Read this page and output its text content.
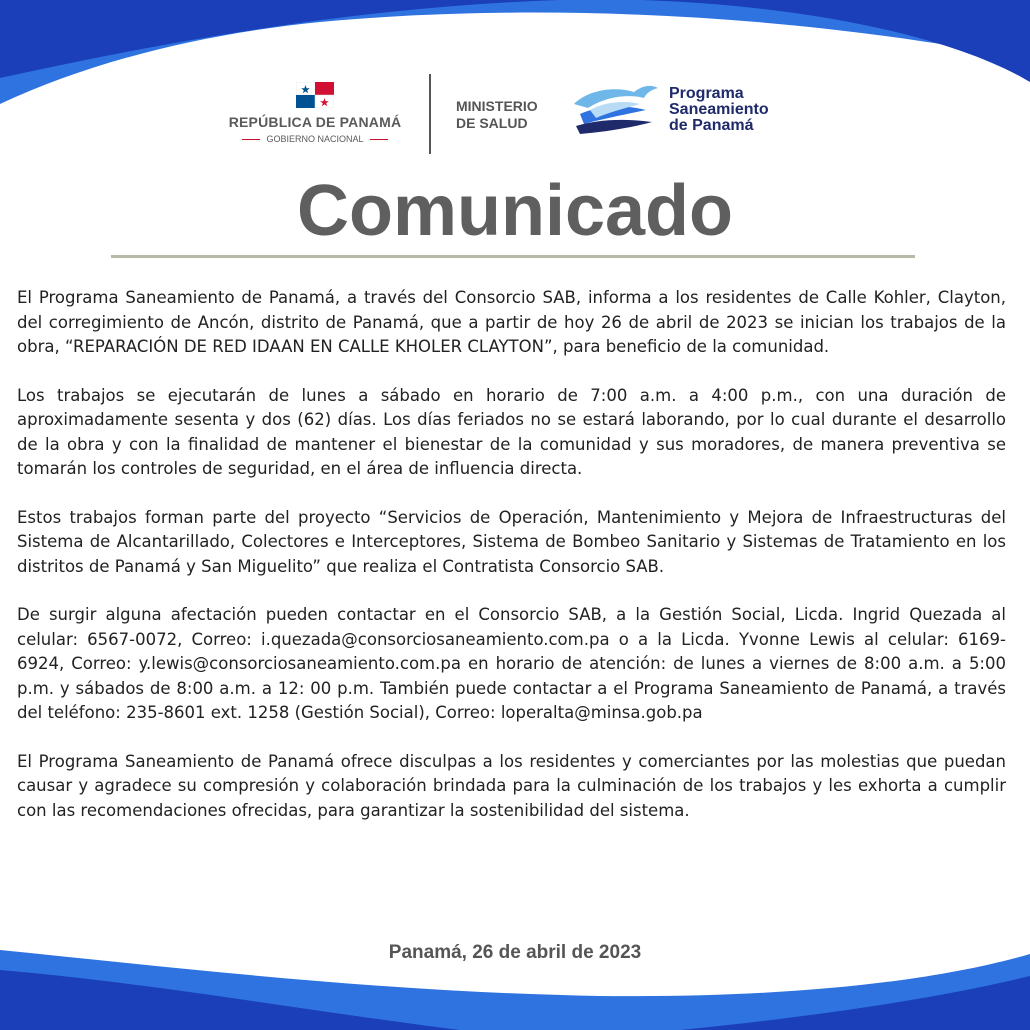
REPÚBLICA DE PANAMÁ
GOBIERNO NACIONAL
MINISTERIO
DE SALUD
Programa
Saneamiento
de Panamá
Comunicado

El Programa Saneamiento de Panamá, a través del Consorcio SAB, informa a los residentes de Calle Kohler, Clayton, del corregimiento de Ancón, distrito de Panamá, que a partir de hoy 26 de abril de 2023 se inician los trabajos de la obra, “REPARACIÓN DE RED IDAAN EN CALLE KHOLER CLAYTON”, para beneficio de la comunidad.

Los trabajos se ejecutarán de lunes a sábado en horario de 7:00 a.m. a 4:00 p.m., con una duración de aproximadamente sesenta y dos (62) días. Los días feriados no se estará laborando, por lo cual durante el desarrollo de la obra y con la finalidad de mantener el bienestar de la comunidad y sus moradores, de manera preventiva se tomarán los controles de seguridad, en el área de influencia directa.

Estos trabajos forman parte del proyecto “Servicios de Operación, Mantenimiento y Mejora de Infraestructuras del Sistema de Alcantarillado, Colectores e Interceptores, Sistema de Bombeo Sanitario y Sistemas de Tratamiento en los distritos de Panamá y San Miguelito” que realiza el Contratista Consorcio SAB.

De surgir alguna afectación pueden contactar en el Consorcio SAB, a la Gestión Social, Licda. Ingrid Quezada al celular: 6567-0072, Correo: i.quezada@consorciosaneamiento.com.pa o a la Licda. Yvonne Lewis al celular: 6169-6924, Correo: y.lewis@consorciosaneamiento.com.pa en horario de atención: de lunes a viernes de 8:00 a.m. a 5:00 p.m. y sábados de 8:00 a.m. a 12: 00 p.m. También puede contactar a el Programa Saneamiento de Panamá, a través del teléfono: 235-8601 ext. 1258 (Gestión Social), Correo: loperalta@minsa.gob.pa

El Programa Saneamiento de Panamá ofrece disculpas a los residentes y comerciantes por las molestias que puedan causar y agradece su compresión y colaboración brindada para la culminación de los trabajos y les exhorta a cumplir con las recomendaciones ofrecidas, para garantizar la sostenibilidad del sistema.

Panamá, 26 de abril de 2023
